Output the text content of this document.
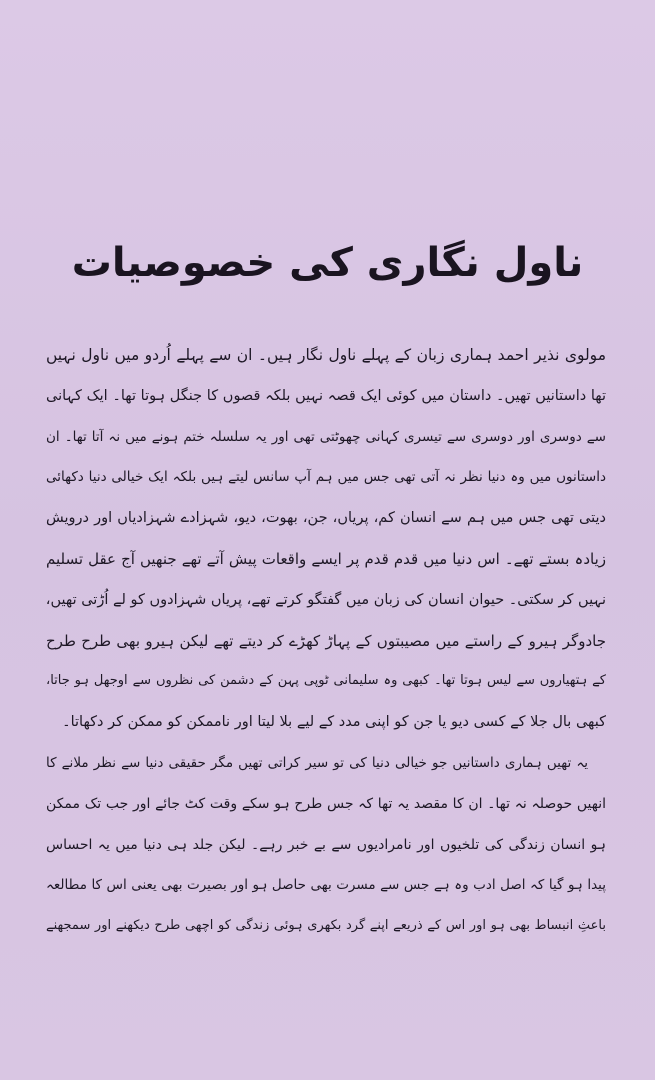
ناول نگاری کی خصوصیات
مولوی نذیر احمد ہماری زبان کے پہلے ناول نگار ہیں۔ ان سے پہلے اُردو میں ناول نہیں
تھا داستانیں تھیں۔ داستان میں کوئی ایک قصہ نہیں بلکہ قصوں کا جنگل ہوتا تھا۔ ایک کہانی
سے دوسری اور دوسری سے تیسری کہانی چھوٹتی تھی اور یہ سلسلہ ختم ہونے میں نہ آتا تھا۔ ان
داستانوں میں وہ دنیا نظر نہ آتی تھی جس میں ہم آپ سانس لیتے ہیں بلکہ ایک خیالی دنیا دکھائی
دیتی تھی جس میں ہم سے انسان کم، پریاں، جن، بھوت، دیو، شہزادے شہزادیاں اور درویش
زیادہ بستے تھے۔ اس دنیا میں قدم قدم پر ایسے واقعات پیش آتے تھے جنھیں آج عقل تسلیم
نہیں کر سکتی۔ حیوان انسان کی زبان میں گفتگو کرتے تھے، پریاں شہزادوں کو لے اُڑتی تھیں،
جادوگر ہیرو کے راستے میں مصیبتوں کے پہاڑ کھڑے کر دیتے تھے لیکن ہیرو بھی طرح طرح
کے ہتھیاروں سے لیس ہوتا تھا۔ کبھی وہ سلیمانی ٹوپی پہن کے دشمن کی نظروں سے اوجھل ہو جاتا،
کبھی بال جلا کے کسی دیو یا جن کو اپنی مدد کے لیے بلا لیتا اور ناممکن کو ممکن کر دکھاتا۔
یہ تھیں ہماری داستانیں جو خیالی دنیا کی تو سیر کراتی تھیں مگر حقیقی دنیا سے نظر ملانے کا
انھیں حوصلہ نہ تھا۔ ان کا مقصد یہ تھا کہ جس طرح ہو سکے وقت کٹ جائے اور جب تک ممکن
ہو انسان زندگی کی تلخیوں اور نامرادیوں سے بے خبر رہے۔ لیکن جلد ہی دنیا میں یہ احساس
پیدا ہو گیا کہ اصل ادب وہ ہے جس سے مسرت بھی حاصل ہو اور بصیرت بھی یعنی اس کا مطالعہ
باعثِ انبساط بھی ہو اور اس کے ذریعے اپنے گرد بکھری ہوئی زندگی کو اچھی طرح دیکھنے اور سمجھنے
